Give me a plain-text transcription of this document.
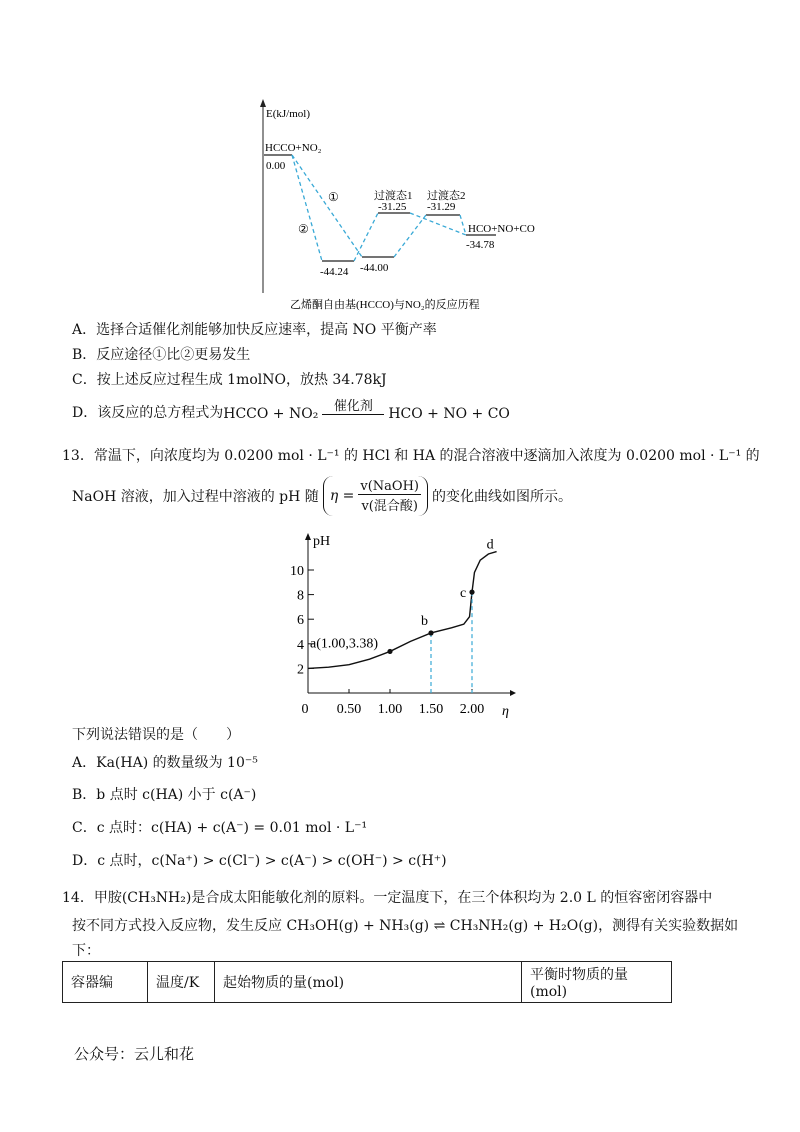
E(kJ/mol)
HCCO+NO₂
0.00
-44.24 -44.00
过渡态1
-31.25
过渡态2
-31.29
HCO+NO+CO
-34.78
①
②
乙烯酮自由基(HCCO)与NO₂的反应历程
A．选择合适催化剂能够加快反应速率，提高 NO 平衡产率
B．反应途径①比②更易发生
C．按上述反应过程生成 1molNO，放热 34.78kJ
D．该反应的总方程式为 HCCO + NO₂ 催化剂 HCO + NO + CO
13．常温下，向浓度均为 0.0200 mol · L⁻¹ 的 HCl 和 HA 的混合溶液中逐滴加入浓度为 0.0200 mol · L⁻¹ 的
NaOH 溶液，加入过程中溶液的 pH 随 η =
v(NaOH)
v(混合酸)
的变化曲线如图所示。
pH
η
0 0.50 1.00 1.50 2.00
2
4
6
8
10
a(1.00,3.38)
b
c
d
下列说法错误的是（　　）
A．Ka(HA) 的数量级为 10⁻⁵
B．b 点时 c(HA) 小于 c(A⁻)
C．c 点时：c(HA) + c(A⁻) = 0.01 mol · L⁻¹
D．c 点时，c(Na⁺) > c(Cl⁻) > c(A⁻) > c(OH⁻) > c(H⁺)
14．甲胺(CH₃NH₂)是合成太阳能敏化剂的原料。一定温度下，在三个体积均为 2.0 L 的恒容密闭容器中
按不同方式投入反应物，发生反应 CH₃OH(g) + NH₃(g) ⇌ CH₃NH₂(g) + H₂O(g)，测得有关实验数据如
下：
容器编	温度/K	起始物质的量(mol)	平衡时物质的量(mol)
公众号：云儿和花
